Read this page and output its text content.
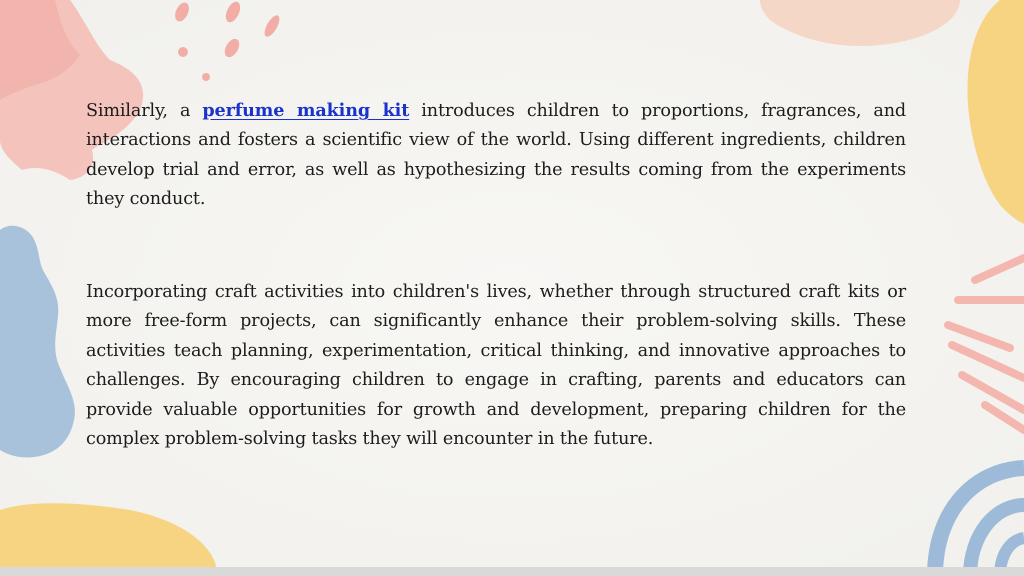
Similarly, a perfume making kit introduces children to proportions, fragrances, and interactions and fosters a scientific view of the world. Using different ingredients, children develop trial and error, as well as hypothesizing the results coming from the experiments they conduct.

Incorporating craft activities into children's lives, whether through structured craft kits or more free-form projects, can significantly enhance their problem-solving skills. These activities teach planning, experimentation, critical thinking, and innovative approaches to challenges. By encouraging children to engage in crafting, parents and educators can provide valuable opportunities for growth and development, preparing children for the complex problem-solving tasks they will encounter in the future.
